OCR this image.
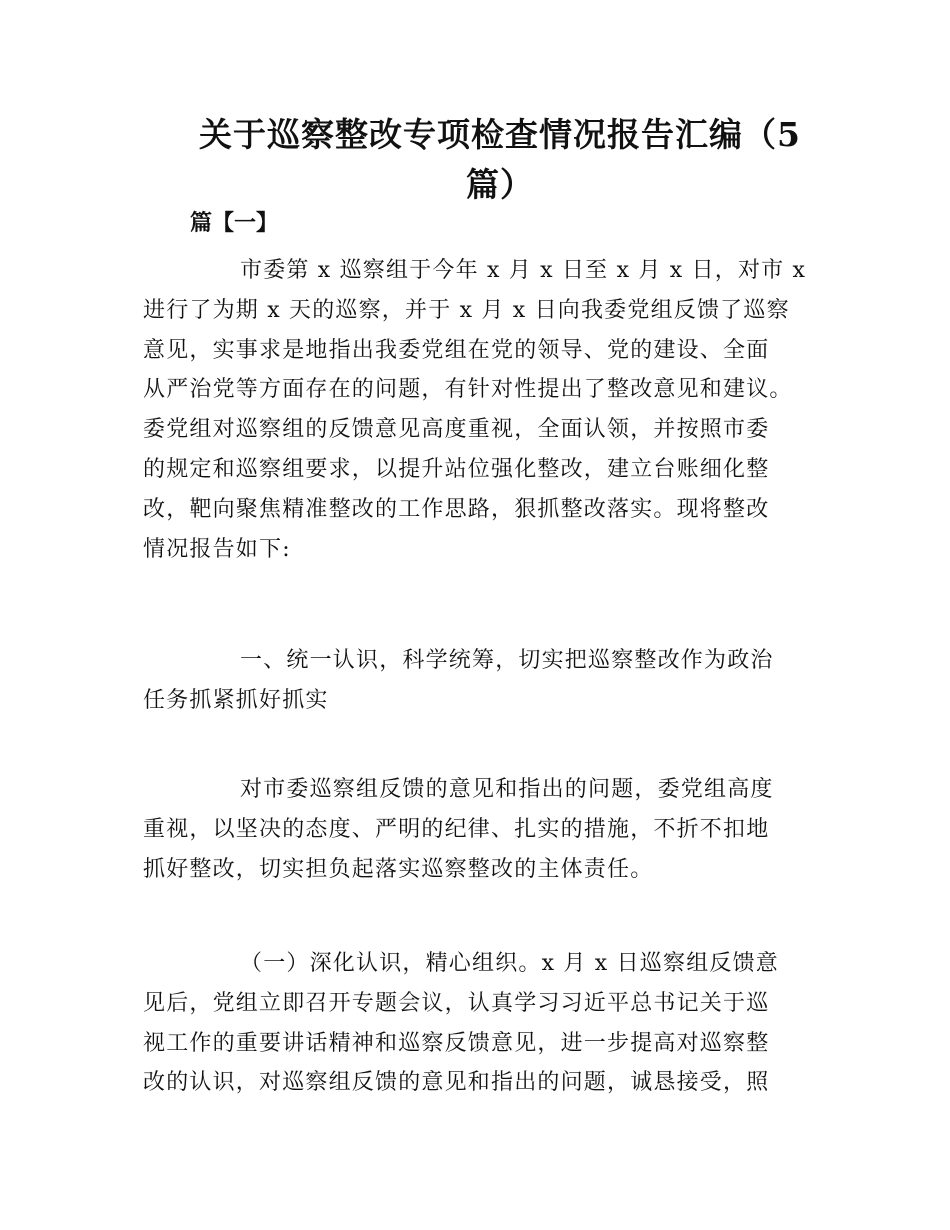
关于巡察整改专项检查情况报告汇编（5
篇）
篇【一】
市委第 x 巡察组于今年 x 月 x 日至 x 月 x 日，对市 x
进行了为期 x 天的巡察，并于 x 月 x 日向我委党组反馈了巡察
意见，实事求是地指出我委党组在党的领导、党的建设、全面
从严治党等方面存在的问题，有针对性提出了整改意见和建议。
委党组对巡察组的反馈意见高度重视，全面认领，并按照市委
的规定和巡察组要求，以提升站位强化整改，建立台账细化整
改，靶向聚焦精准整改的工作思路，狠抓整改落实。现将整改
情况报告如下:
一、统一认识，科学统筹，切实把巡察整改作为政治
任务抓紧抓好抓实
对市委巡察组反馈的意见和指出的问题，委党组高度
重视，以坚决的态度、严明的纪律、扎实的措施，不折不扣地
抓好整改，切实担负起落实巡察整改的主体责任。
（一）深化认识，精心组织。x 月 x 日巡察组反馈意
见后，党组立即召开专题会议，认真学习习近平总书记关于巡
视工作的重要讲话精神和巡察反馈意见，进一步提高对巡察整
改的认识，对巡察组反馈的意见和指出的问题，诚恳接受，照
